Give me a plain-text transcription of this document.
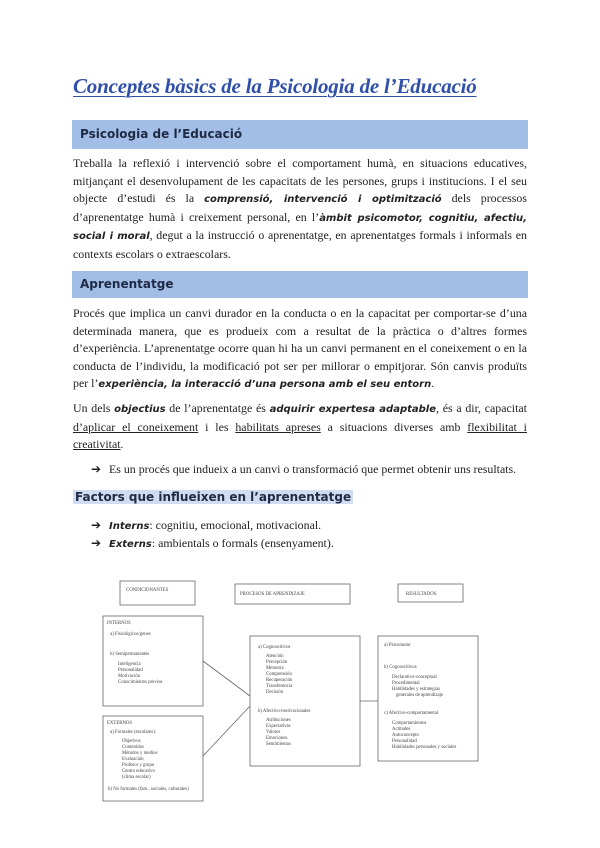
Conceptes bàsics de la Psicologia de l’Educació
Psicologia de l’Educació
Treballa la reflexió i intervenció sobre el comportament humà, en situacions educatives, mitjançant el desenvolupament de les capacitats de les persones, grups i institucions. I el seu objecte d’estudi és la comprensió, intervenció i optimització dels processos d’aprenentatge humà i creixement personal, en l’àmbit psicomotor, cognitiu, afectiu, social i moral, degut a la instrucció o aprenentatge, en aprenentatges formals i informals en contexts escolars o extraescolars.
Aprenentatge
Procés que implica un canvi durador en la conducta o en la capacitat per comportar-se d’una determinada manera, que es produeix com a resultat de la pràctica o d’altres formes d’experiència. L’aprenentatge ocorre quan hi ha un canvi permanent en el coneixement o en la conducta de l’individu, la modificació pot ser per millorar o empitjorar. Són canvis produïts per l’experiència, la interacció d’una persona amb el seu entorn.
Un dels objectius de l’aprenentatge és adquirir expertesa adaptable, és a dir, capacitat d’aplicar el coneixement i les habilitats apreses a situacions diverses amb flexibilitat i creativitat.
➔ Es un procés que indueix a un canvi o transformació que permet obtenir uns resultats.
Factors que influeixen en l’aprenentatge
➔ Interns: cognitiu, emocional, motivacional.
➔ Externs: ambientals o formals (ensenyament).
CONDICIONANTES
PROCESOS DE APRENDIZAJE	RESULTADOS
INTERNOS
a) Fisiológicos/genes
b) Semipermanentes
Inteligencia
Personalidad
Motivación
Conocimientos previos
EXTERNOS
a) Formales (escolares):
Objetivos
Contenidos
Métodos y medios
Evaluación
Profesor y grupo
Centro educativo
(clima escolar)
b) No formales (fam., sociales, culturales)
a) Cognoscitivos
Atención
Percepción
Memoria
Comprensión
Recuperación
Transferencia
Decisión
b) Afectivo-motivacionales
Atribuciones
Expectativas
Valores
Emociones
Sentimientos
a) Psicomotor
b) Cognoscitivos
Declarativo-conceptual
Procedimental
Habilidades y estrategias
generales de aprendizaje
c) Afectivo-comportamental
Comportamientos
Actitudes
Autoconcepto
Personalidad
Habilidades personales y sociales
